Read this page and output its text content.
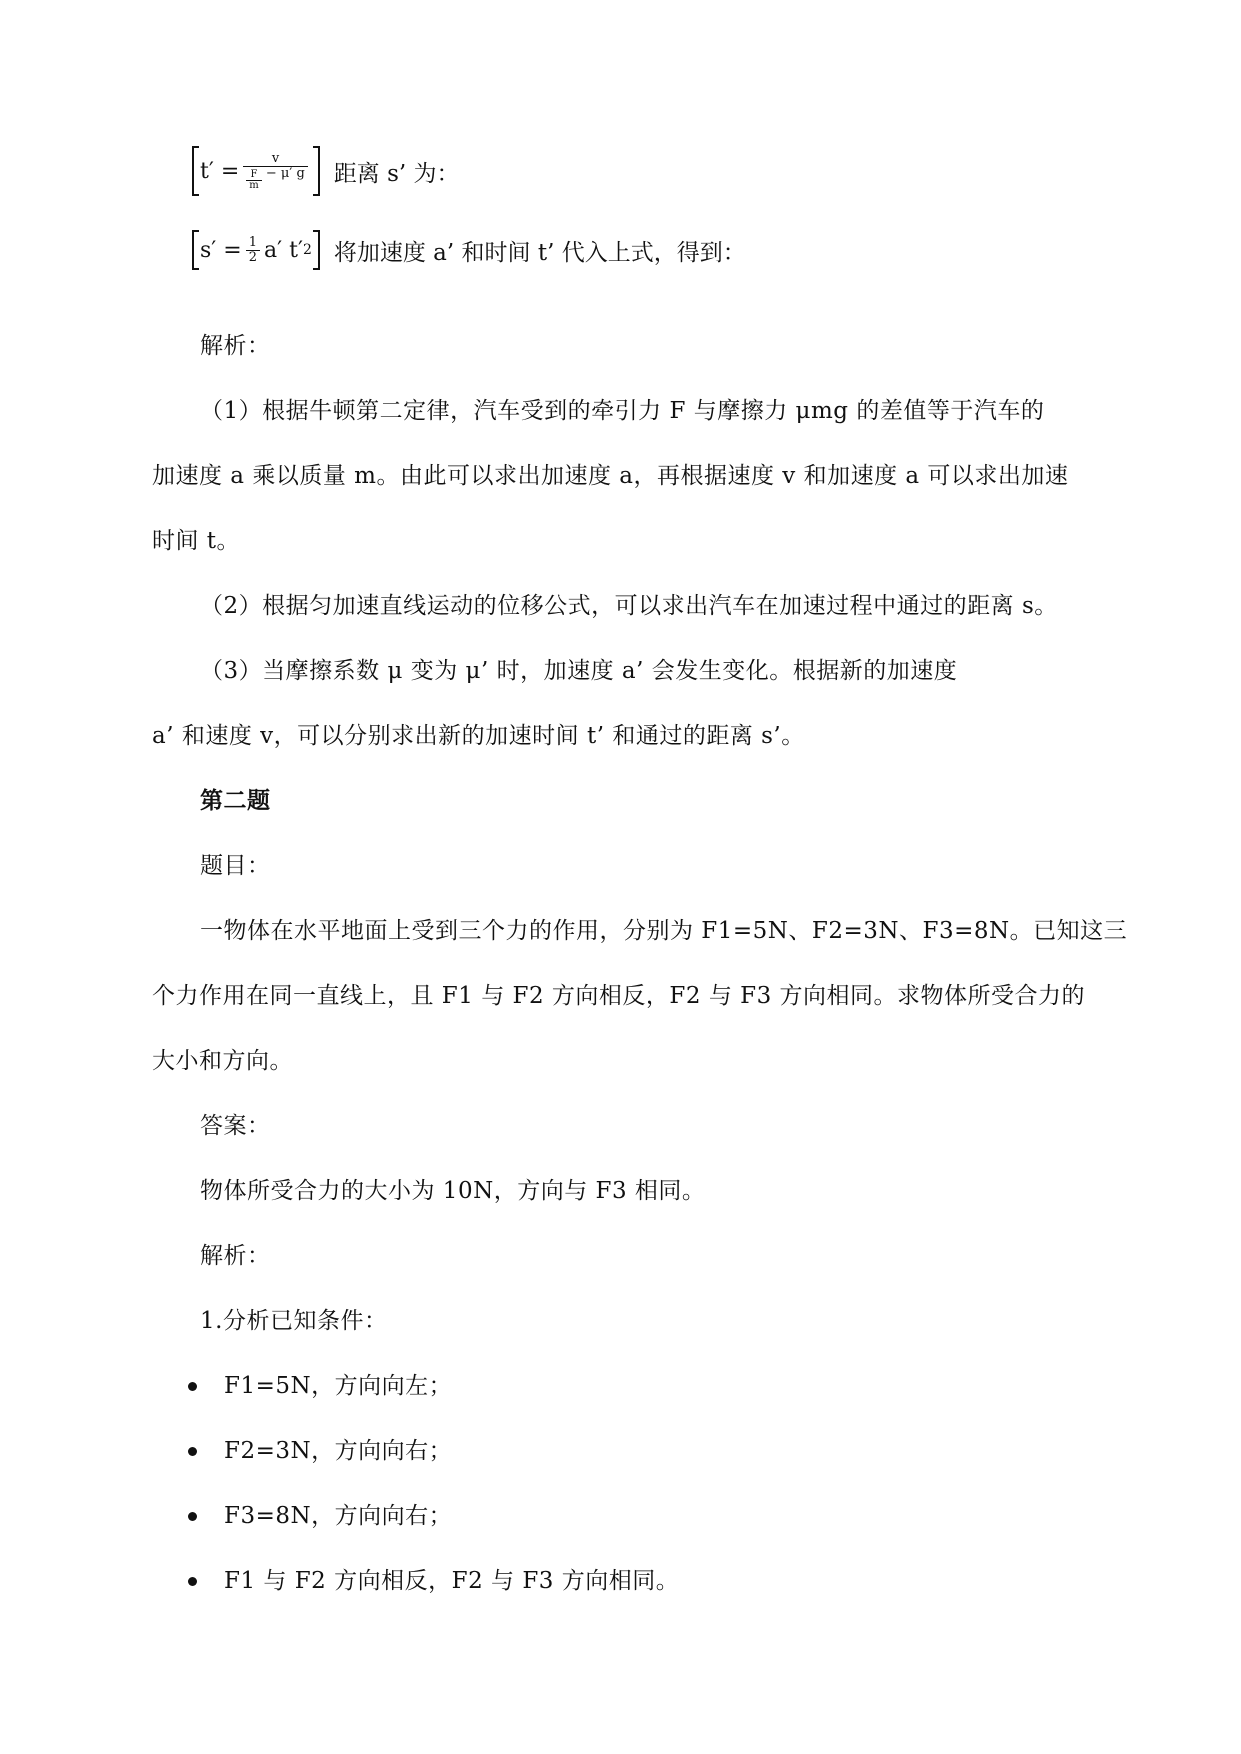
$t' = \frac{v}{\frac{F}{m} - \mu' g}$ 距离 s’ 为：
$s' = \frac{1}{2} a'$ t′ 2 将加速度 a’ 和时间 t’ 代入上式，得到：
解析：
（1）根据牛顿第二定律，汽车受到的牵引力 F 与摩擦力 μmg 的差值等于汽车的
加速度 a 乘以质量 m。由此可以求出加速度 a，再根据速度 v 和加速度 a 可以求出加速
时间 t。
（2）根据匀加速直线运动的位移公式，可以求出汽车在加速过程中通过的距离 s。
（3）当摩擦系数 μ 变为 μ’ 时，加速度 a’ 会发生变化。根据新的加速度
a’ 和速度 v，可以分别求出新的加速时间 t’ 和通过的距离 s’。
第二题
题目：
一物体在水平地面上受到三个力的作用，分别为 F1=5N、F2=3N、F3=8N。已知这三
个力作用在同一直线上，且 F1 与 F2 方向相反，F2 与 F3 方向相同。求物体所受合力的
大小和方向。
答案：
物体所受合力的大小为 10N，方向与 F3 相同。
解析：
1.分析已知条件：
F1=5N，方向向左；
F2=3N，方向向右；
F3=8N，方向向右；
F1 与 F2 方向相反，F2 与 F3 方向相同。
